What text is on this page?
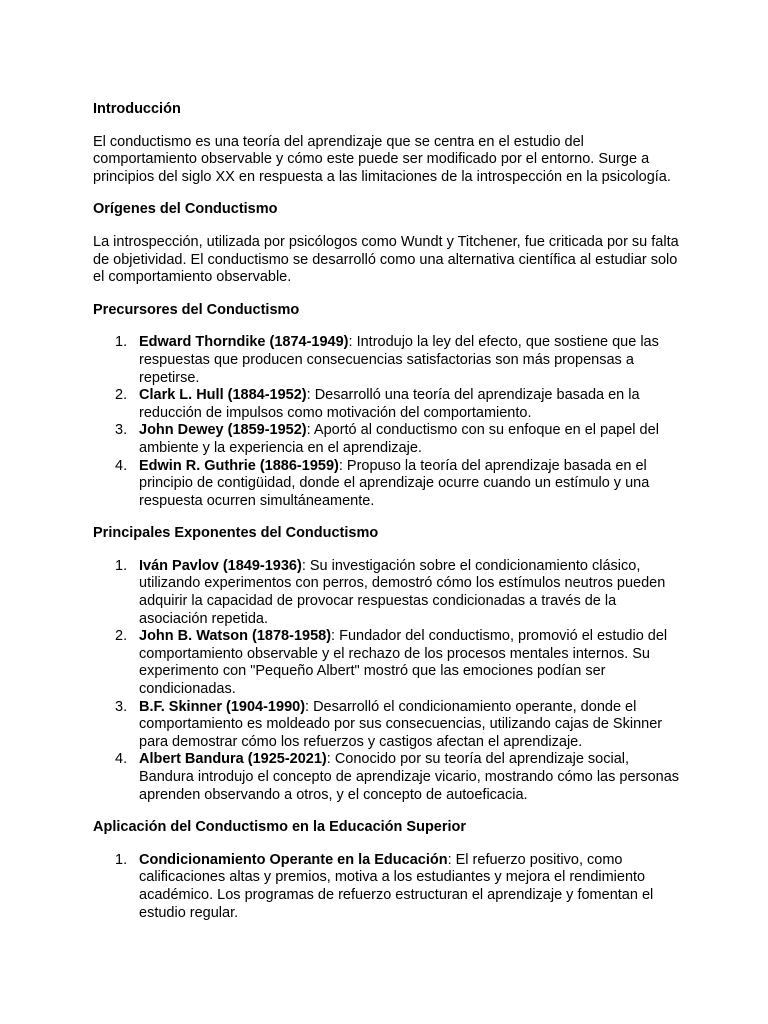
Introducción

El conductismo es una teoría del aprendizaje que se centra en el estudio del comportamiento observable y cómo este puede ser modificado por el entorno. Surge a principios del siglo XX en respuesta a las limitaciones de la introspección en la psicología.

Orígenes del Conductismo

La introspección, utilizada por psicólogos como Wundt y Titchener, fue criticada por su falta de objetividad. El conductismo se desarrolló como una alternativa científica al estudiar solo el comportamiento observable.

Precursores del Conductismo
1. Edward Thorndike (1874-1949): Introdujo la ley del efecto, que sostiene que las respuestas que producen consecuencias satisfactorias son más propensas a repetirse.
2. Clark L. Hull (1884-1952): Desarrolló una teoría del aprendizaje basada en la reducción de impulsos como motivación del comportamiento.
3. John Dewey (1859-1952): Aportó al conductismo con su enfoque en el papel del ambiente y la experiencia en el aprendizaje.
4. Edwin R. Guthrie (1886-1959): Propuso la teoría del aprendizaje basada en el principio de contigüidad, donde el aprendizaje ocurre cuando un estímulo y una respuesta ocurren simultáneamente.
Principales Exponentes del Conductismo
1. Iván Pavlov (1849-1936): Su investigación sobre el condicionamiento clásico, utilizando experimentos con perros, demostró cómo los estímulos neutros pueden adquirir la capacidad de provocar respuestas condicionadas a través de la asociación repetida.
2. John B. Watson (1878-1958): Fundador del conductismo, promovió el estudio del comportamiento observable y el rechazo de los procesos mentales internos. Su experimento con "Pequeño Albert" mostró que las emociones podían ser condicionadas.
3. B.F. Skinner (1904-1990): Desarrolló el condicionamiento operante, donde el comportamiento es moldeado por sus consecuencias, utilizando cajas de Skinner para demostrar cómo los refuerzos y castigos afectan el aprendizaje.
4. Albert Bandura (1925-2021): Conocido por su teoría del aprendizaje social, Bandura introdujo el concepto de aprendizaje vicario, mostrando cómo las personas aprenden observando a otros, y el concepto de autoeficacia.
Aplicación del Conductismo en la Educación Superior
1. Condicionamiento Operante en la Educación: El refuerzo positivo, como calificaciones altas y premios, motiva a los estudiantes y mejora el rendimiento académico. Los programas de refuerzo estructuran el aprendizaje y fomentan el estudio regular.
